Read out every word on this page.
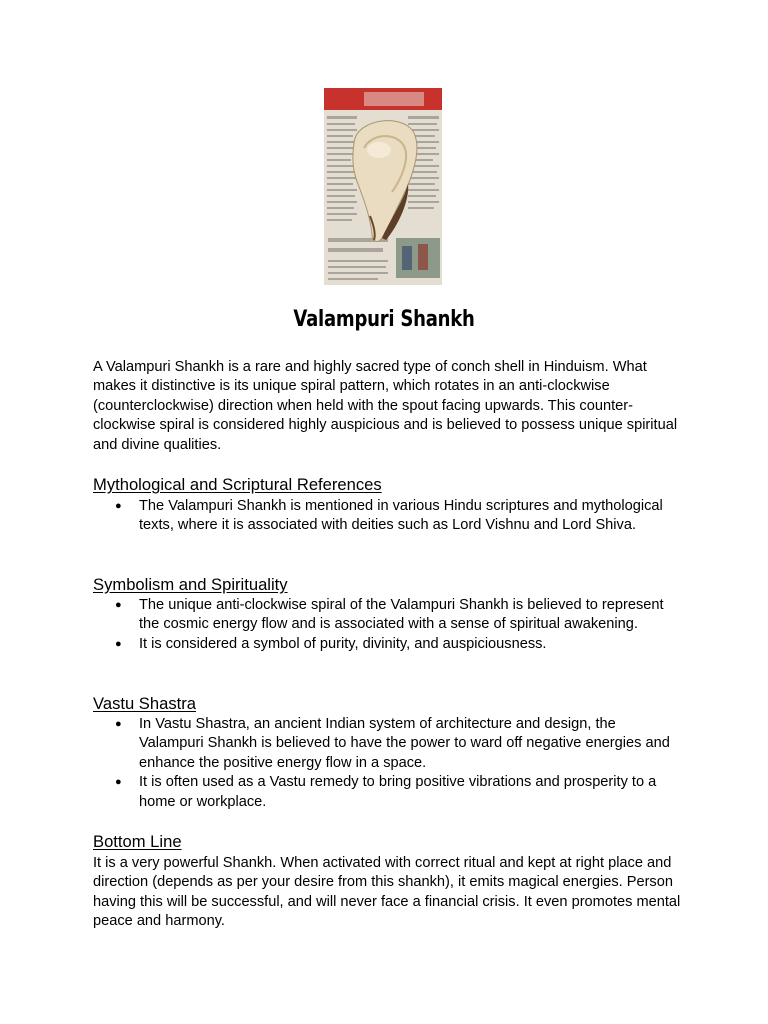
Valampuri Shankh

A Valampuri Shankh is a rare and highly sacred type of conch shell in Hinduism. What makes it distinctive is its unique spiral pattern, which rotates in an anti-clockwise (counterclockwise) direction when held with the spout facing upwards. This counter-clockwise spiral is considered highly auspicious and is believed to possess unique spiritual and divine qualities.

Mythological and Scriptural References
● The Valampuri Shankh is mentioned in various Hindu scriptures and mythological texts, where it is associated with deities such as Lord Vishnu and Lord Shiva.
Symbolism and Spirituality
● The unique anti-clockwise spiral of the Valampuri Shankh is believed to represent the cosmic energy flow and is associated with a sense of spiritual awakening.
● It is considered a symbol of purity, divinity, and auspiciousness.
Vastu Shastra
● In Vastu Shastra, an ancient Indian system of architecture and design, the Valampuri Shankh is believed to have the power to ward off negative energies and enhance the positive energy flow in a space.
● It is often used as a Vastu remedy to bring positive vibrations and prosperity to a home or workplace.
Bottom Line

It is a very powerful Shankh. When activated with correct ritual and kept at right place and direction (depends as per your desire from this shankh), it emits magical energies. Person having this will be successful, and will never face a financial crisis. It even promotes mental peace and harmony.
